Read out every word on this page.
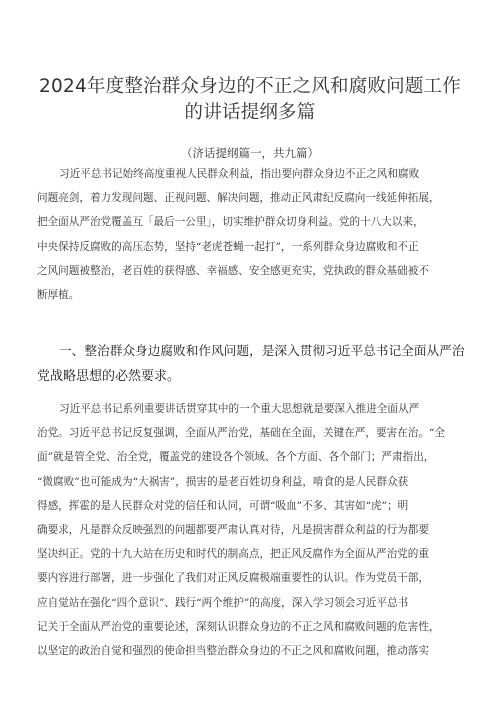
2024年度整治群众身边的不正之风和腐败问题工作
的讲话提纲多篇
（济话提纲篇一，共九篇）
习近平总书记始终高度重视人民群众利益，指出要向群众身边不正之风和腐败
问题亮剑，着力发现问题、正视问题、解决问题，推动正风肃纪反腐向一线延伸拓展，
把全面从严治党覆盖互「最后一公里」，切实维护群众切身利益。党的十八大以来，
中央保持反腐败的高压态势，坚持“老虎苍蝇一起打”，一系列群众身边腐败和不正
之风问题被整治，老百姓的获得感、幸福感、安全感更充实，党执政的群众基础被不
断厚植。
一、整治群众身边腐败和作风问题，是深入贯彻习近平总书记全面从严治
党战略思想的必然要求。
习近平总书记系列重要讲话贯穿其中的一个重大思想就是要深入推进全面从严
治党。习近平总书记反复强调，全面从严治党，基础在全面，关键在严，要害在治。“全
面”就是管全党、治全党，覆盖党的建设各个领域、各个方面、各个部门；严肃指出，
“微腐败”也可能成为“大祸害”，损害的是老百姓切身利益，啃食的是人民群众获
得感，挥霍的是人民群众对党的信任和认同，可谓“吸血”不多、其害如“虎”；明
确要求，凡是群众反映强烈的问题都要严肃认真对待，凡是损害群众利益的行为都要
坚决纠正。党的十九大站在历史和时代的制高点，把正风反腐作为全面从严治党的重
要内容进行部署，进一步强化了我们对正风反腐极端重要性的认识。作为党员干部，
应自觉站在强化“四个意识”、践行“两个维护”的高度，深入学习领会习近平总书
记关于全面从严治党的重要论述，深刻认识群众身边的不正之风和腐败问题的危害性，
以坚定的政治自觉和强烈的使命担当整治群众身边的不正之风和腐败问题，推动落实
